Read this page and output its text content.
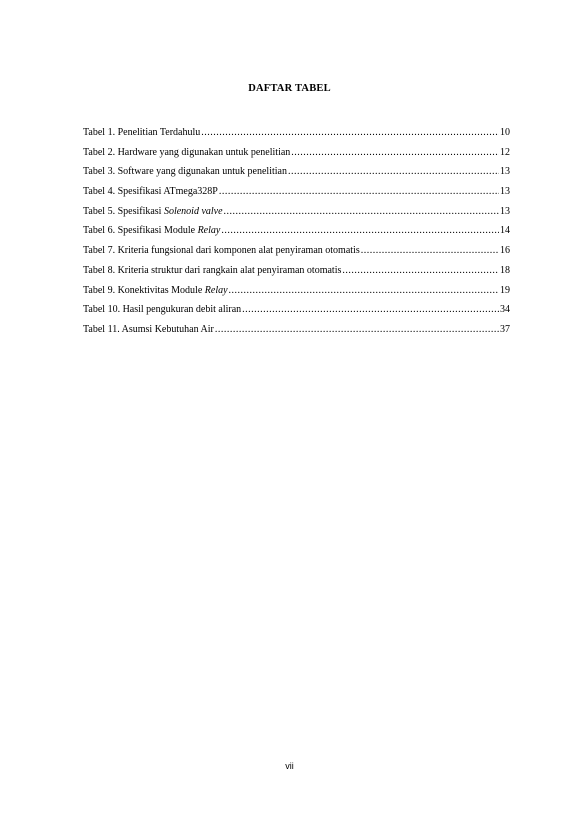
DAFTAR TABEL
Tabel 1. Penelitian Terdahulu .....	10
Tabel 2. Hardware yang digunakan untuk penelitian .....	12
Tabel 3. Software yang digunakan untuk penelitian .....	13
Tabel 4. Spesifikasi ATmega328P .....	13
Tabel 5. Spesifikasi Solenoid valve .....	13
Tabel 6. Spesifikasi Module Relay .....	14
Tabel 7. Kriteria fungsional dari komponen alat penyiraman otomatis .....	16
Tabel 8. Kriteria struktur dari rangkain alat penyiraman otomatis .....	18
Tabel 9. Konektivitas Module Relay .....	19
Tabel 10. Hasil pengukuran debit aliran .....	34
Tabel 11. Asumsi Kebutuhan Air .....	37
vii
